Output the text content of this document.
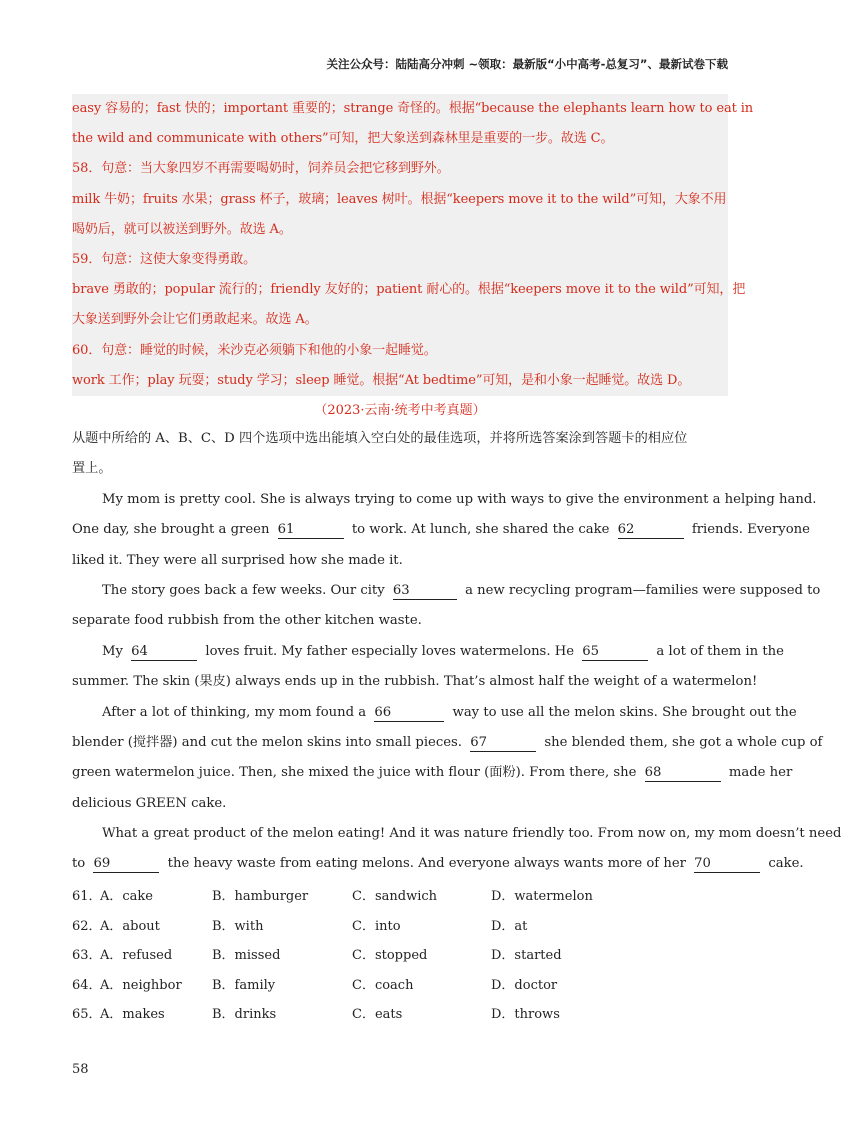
关注公众号：陆陆高分冲刺 ~领取：最新版“小中高考-总复习”、最新试卷下载
easy 容易的；fast 快的；important 重要的；strange 奇怪的。根据“because the elephants learn how to eat in
the wild and communicate with others”可知，把大象送到森林里是重要的一步。故选 C。
58．句意：当大象四岁不再需要喝奶时，饲养员会把它移到野外。
milk 牛奶；fruits 水果；grass 杯子，玻璃；leaves 树叶。根据“keepers move it to the wild”可知，大象不用
喝奶后，就可以被送到野外。故选 A。
59．句意：这使大象变得勇敢。
brave 勇敢的；popular 流行的；friendly 友好的；patient 耐心的。根据“keepers move it to the wild”可知，把
大象送到野外会让它们勇敢起来。故选 A。
60．句意：睡觉的时候，米沙克必须躺下和他的小象一起睡觉。
work 工作；play 玩耍；study 学习；sleep 睡觉。根据“At bedtime”可知，是和小象一起睡觉。故选 D。
（2023·云南·统考中考真题）
从题中所给的 A、B、C、D 四个选项中选出能填入空白处的最佳选项，并将所选答案涂到答题卡的相应位
置上。
My mom is pretty cool. She is always trying to come up with ways to give the environment a helping hand.
One day, she brought a green 61	to work. At lunch, she shared the cake 62	friends. Everyone
liked it. They were all surprised how she made it.
The story goes back a few weeks. Our city 63	a new recycling program—families were supposed to
separate food rubbish from the other kitchen waste.
My 64	loves fruit. My father especially loves watermelons. He 65	a lot of them in the
summer. The skin (果皮) always ends up in the rubbish. That’s almost half the weight of a watermelon!
After a lot of thinking, my mom found a 66	way to use all the melon skins. She brought out the
blender (搅拌器) and cut the melon skins into small pieces. 67	she blended them, she got a whole cup of
green watermelon juice. Then, she mixed the juice with flour (面粉). From there, she 68	made her
delicious GREEN cake.
What a great product of the melon eating! And it was nature friendly too. From now on, my mom doesn’t need
to 69	the heavy waste from eating melons. And everyone always wants more of her 70	cake.
61．
A．cake	B．hamburger	C．sandwich	D．watermelon
62．
A．about	B．with	C．into	D．at
63．
A．refused	B．missed	C．stopped	D．started
64．
A．neighbor B．family	C．coach	D．doctor
65．
A．makes	B．drinks	C．eats	D．throws
58
